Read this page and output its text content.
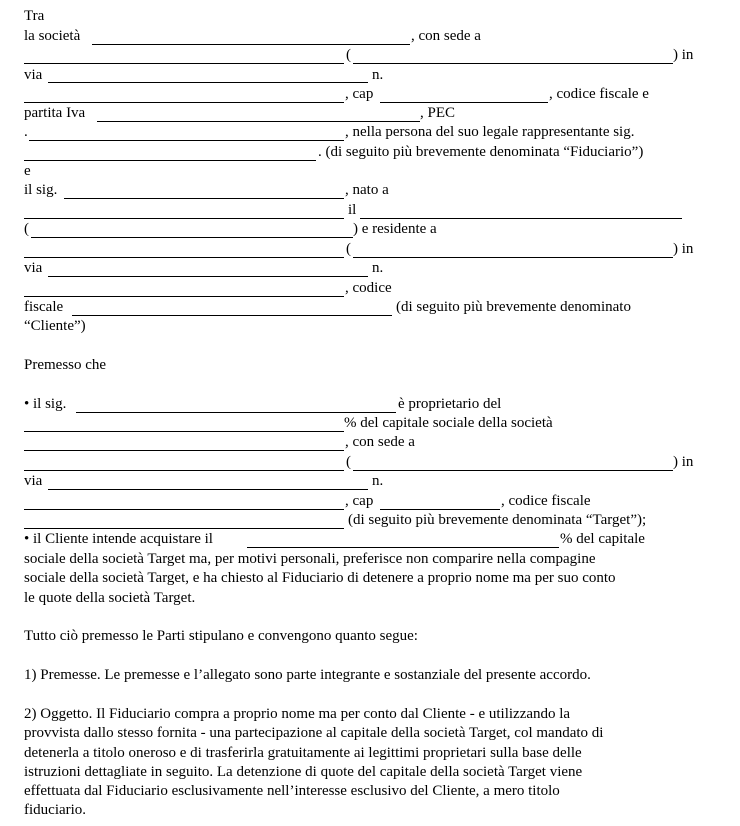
Tra
la società	, con sede a
(	) in
via	n.
, cap	, codice fiscale e
partita Iva	, PEC
.	, nella persona del suo legale rappresentante sig.
. (di seguito più brevemente denominata “Fiduciario”)
e
il sig.	, nato a
il
(	) e residente a
(	) in
via	n.
, codice
fiscale	(di seguito più brevemente denominato
“Cliente”)
Premesso che
• il sig.	è proprietario del
% del capitale sociale della società
, con sede a
(	) in
via	n.
, cap	, codice fiscale
(di seguito più brevemente denominata “Target”);
• il Cliente intende acquistare il	% del capitale
sociale della società Target ma, per motivi personali, preferisce non comparire nella compagine
sociale della società Target, e ha chiesto al Fiduciario di detenere a proprio nome ma per suo conto
le quote della società Target.
Tutto ciò premesso le Parti stipulano e convengono quanto segue:
1) Premesse. Le premesse e l’allegato sono parte integrante e sostanziale del presente accordo.
2) Oggetto. Il Fiduciario compra a proprio nome ma per conto dal Cliente - e utilizzando la
provvista dallo stesso fornita - una partecipazione al capitale della società Target, col mandato di
detenerla a titolo oneroso e di trasferirla gratuitamente ai legittimi proprietari sulla base delle
istruzioni dettagliate in seguito. La detenzione di quote del capitale della società Target viene
effettuata dal Fiduciario esclusivamente nell’interesse esclusivo del Cliente, a mero titolo
fiduciario.
